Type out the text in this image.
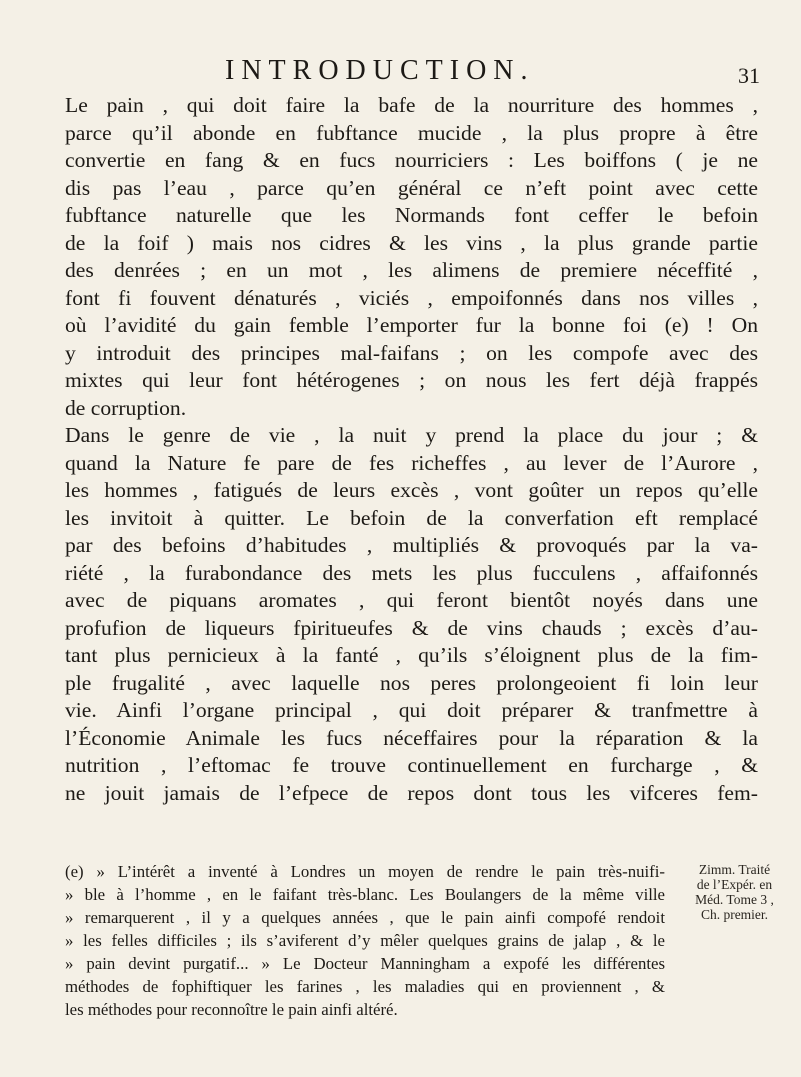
INTRODUCTION.	31
Le pain , qui doit faire la bafe de la nourriture des hommes ,
parce qu’il abonde en fubftance mucide , la plus propre à être
convertie en fang & en fucs nourriciers : Les boiffons ( je ne
dis pas l’eau , parce qu’en général ce n’eft point avec cette
fubftance naturelle que les Normands font ceffer le befoin
de la foif ) mais nos cidres & les vins , la plus grande partie
des denrées ; en un mot , les alimens de premiere néceffité ,
font fi fouvent dénaturés , viciés , empoifonnés dans nos villes ,
où l’avidité du gain femble l’emporter fur la bonne foi (e) ! On
y introduit des principes mal-faifans ; on les compofe avec des
mixtes qui leur font hétérogenes ; on nous les fert déjà frappés
de corruption.
Dans le genre de vie , la nuit y prend la place du jour ; &
quand la Nature fe pare de fes richeffes , au lever de l’Aurore ,
les hommes , fatigués de leurs excès , vont goûter un repos qu’elle
les invitoit à quitter. Le befoin de la converfation eft remplacé
par des befoins d’habitudes , multipliés & provoqués par la va-
riété , la furabondance des mets les plus fucculens , affaifonnés
avec de piquans aromates , qui feront bientôt noyés dans une
profufion de liqueurs fpiritueufes & de vins chauds ; excès d’au-
tant plus pernicieux à la fanté , qu’ils s’éloignent plus de la fim-
ple frugalité , avec laquelle nos peres prolongeoient fi loin leur
vie. Ainfi l’organe principal , qui doit préparer & tranfmettre à
l’Économie Animale les fucs néceffaires pour la réparation & la
nutrition , l’eftomac fe trouve continuellement en furcharge , &
ne jouit jamais de l’efpece de repos dont tous les vifceres fem-
(e) » L’intérêt a inventé à Londres un moyen de rendre le pain très-nuifi-
» ble à l’homme , en le faifant très-blanc. Les Boulangers de la même ville
» remarquerent , il y a quelques années , que le pain ainfi compofé rendoit
» les felles difficiles ; ils s’aviferent d’y mêler quelques grains de jalap , & le
» pain devint purgatif... » Le Docteur Manningham a expofé les différentes
méthodes de fophiftiquer les farines , les maladies qui en proviennent , &
les méthodes pour reconnoître le pain ainfi altéré.
Zimm. Traité
de l’Expér. en
Méd. Tome 3 ,
Ch. premier.
